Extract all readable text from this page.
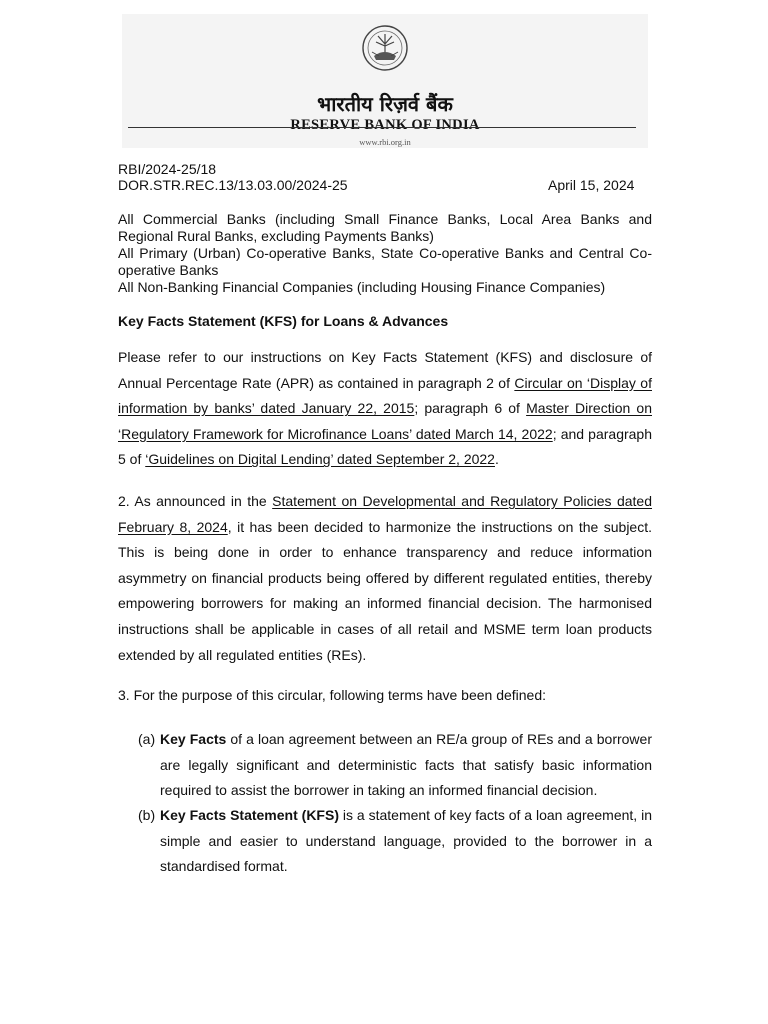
भारतीय रिज़र्व बैंक
RESERVE BANK OF INDIA
www.rbi.org.in
RBI/2024-25/18
DOR.STR.REC.13/13.03.00/2024-25	April 15, 2024
All Commercial Banks (including Small Finance Banks, Local Area Banks and Regional Rural Banks, excluding Payments Banks)
All Primary (Urban) Co-operative Banks, State Co-operative Banks and Central Co-operative Banks
All Non-Banking Financial Companies (including Housing Finance Companies)
Key Facts Statement (KFS) for Loans & Advances
Please refer to our instructions on Key Facts Statement (KFS) and disclosure of Annual Percentage Rate (APR) as contained in paragraph 2 of Circular on ‘Display of information by banks’ dated January 22, 2015; paragraph 6 of Master Direction on ‘Regulatory Framework for Microfinance Loans’ dated March 14, 2022; and paragraph 5 of ‘Guidelines on Digital Lending’ dated September 2, 2022.
2. As announced in the Statement on Developmental and Regulatory Policies dated February 8, 2024, it has been decided to harmonize the instructions on the subject. This is being done in order to enhance transparency and reduce information asymmetry on financial products being offered by different regulated entities, thereby empowering borrowers for making an informed financial decision. The harmonised instructions shall be applicable in cases of all retail and MSME term loan products extended by all regulated entities (REs).
3. For the purpose of this circular, following terms have been defined:
(a) Key Facts of a loan agreement between an RE/a group of REs and a borrower are legally significant and deterministic facts that satisfy basic information required to assist the borrower in taking an informed financial decision.
(b) Key Facts Statement (KFS) is a statement of key facts of a loan agreement, in simple and easier to understand language, provided to the borrower in a standardised format.
